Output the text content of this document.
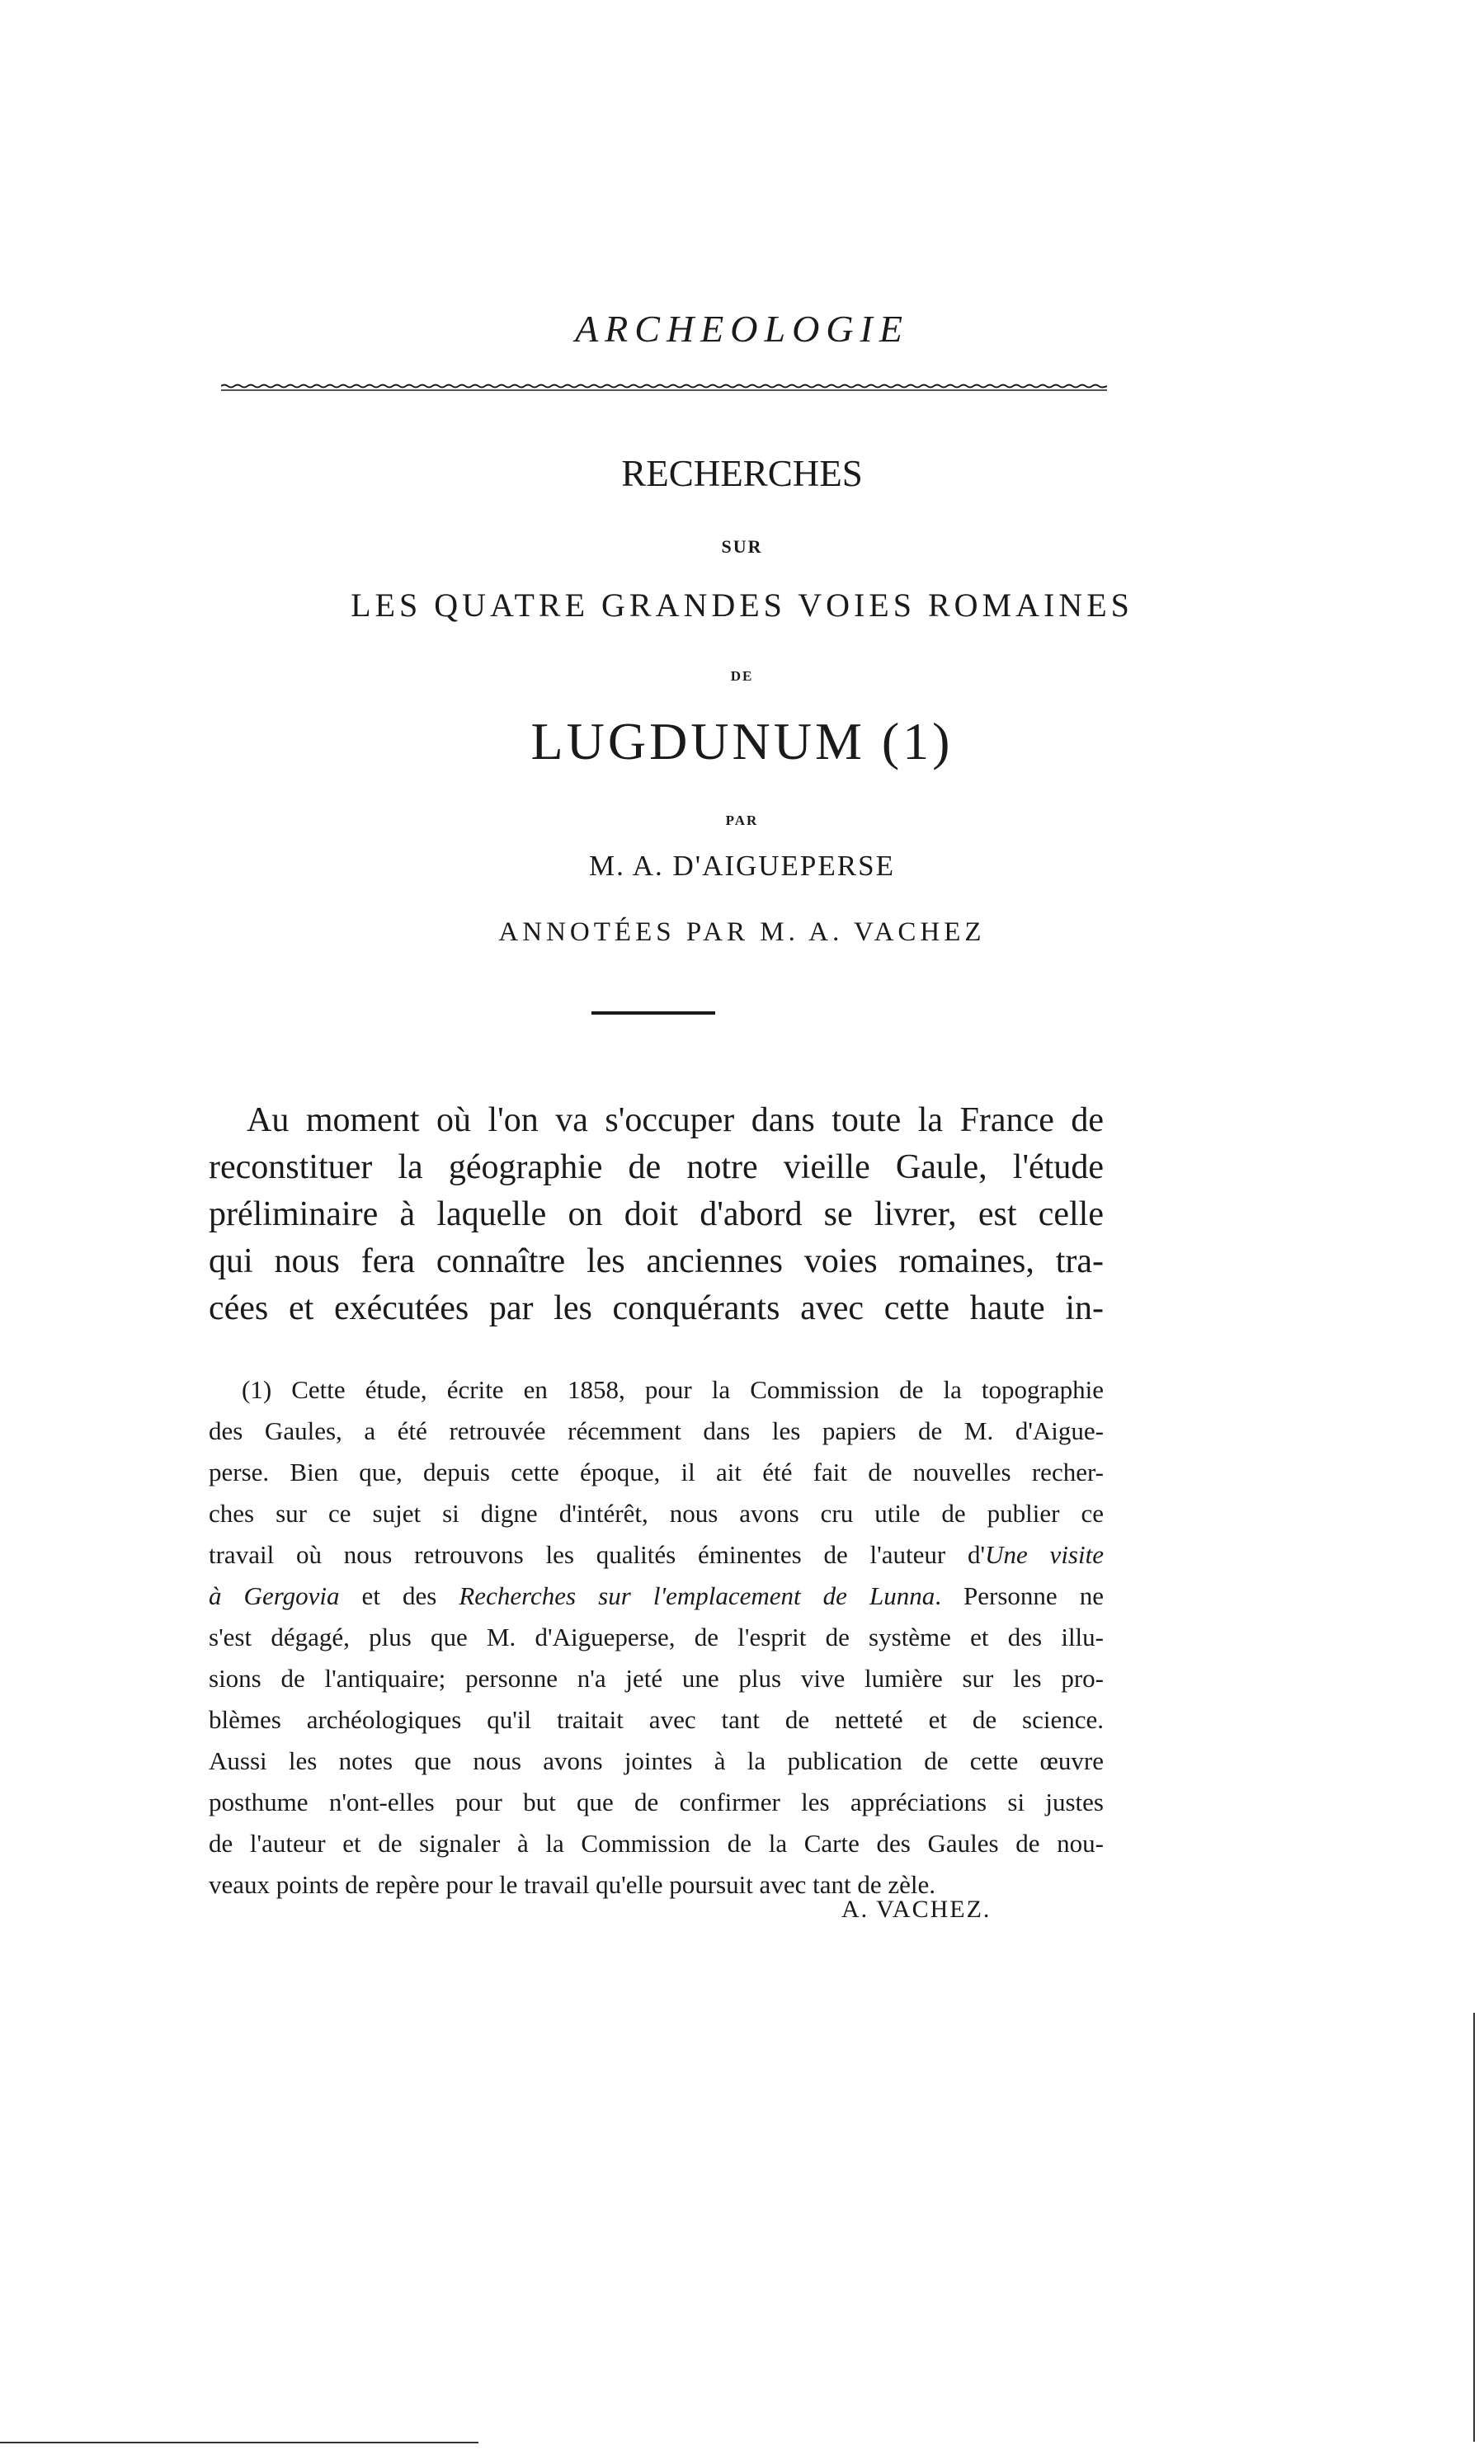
ARCHEOLOGIE
RECHERCHES
SUR
LES QUATRE GRANDES VOIES ROMAINES
DE
LUGDUNUM (1)
PAR
M. A. D'AIGUEPERSE
ANNOTÉES PAR M. A. VACHEZ
Au moment où l'on va s'occuper dans toute la France de
reconstituer la géographie de notre vieille Gaule, l'étude
préliminaire à laquelle on doit d'abord se livrer, est celle
qui nous fera connaître les anciennes voies romaines, tra-
cées et exécutées par les conquérants avec cette haute in-
(1) Cette étude, écrite en 1858, pour la Commission de la topographie
des Gaules, a été retrouvée récemment dans les papiers de M. d'Aigue-
perse. Bien que, depuis cette époque, il ait été fait de nouvelles recher-
ches sur ce sujet si digne d'intérêt, nous avons cru utile de publier ce
travail où nous retrouvons les qualités éminentes de l'auteur d'Une visite
à Gergovia et des Recherches sur l'emplacement de Lunna. Personne ne
s'est dégagé, plus que M. d'Aigueperse, de l'esprit de système et des illu-
sions de l'antiquaire; personne n'a jeté une plus vive lumière sur les pro-
blèmes archéologiques qu'il traitait avec tant de netteté et de science.
Aussi les notes que nous avons jointes à la publication de cette œuvre
posthume n'ont-elles pour but que de confirmer les appréciations si justes
de l'auteur et de signaler à la Commission de la Carte des Gaules de nou-
veaux points de repère pour le travail qu'elle poursuit avec tant de zèle.
A. VACHEZ.
